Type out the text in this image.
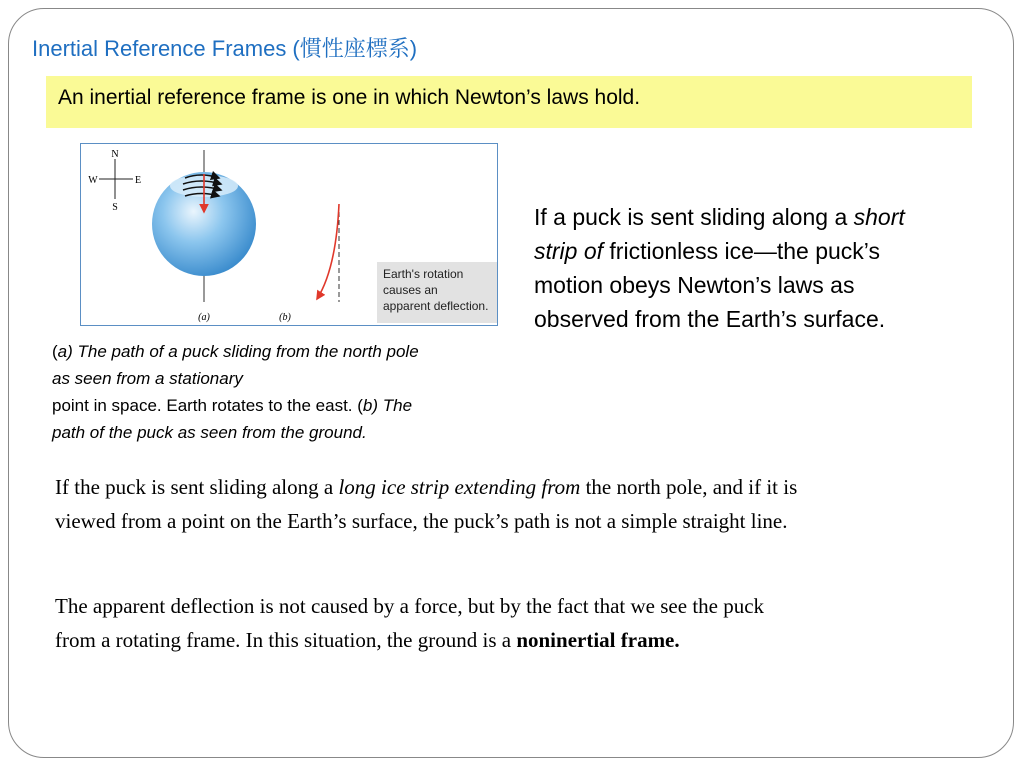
Inertial Reference Frames (慣性座標系)
An inertial reference frame is one in which Newton’s laws hold.
N
S
W	E
(a)	(b)
Earth's rotation
causes an
apparent deflection.
(a) The path of a puck sliding from the north pole
as seen from a stationary
point in space. Earth rotates to the east. (b) The
path of the puck as seen from the ground.
If a puck is sent sliding along a short
strip of frictionless ice—the puck’s
motion obeys Newton’s laws as
observed from the Earth’s surface.
If the puck is sent sliding along a long ice strip extending from the north pole, and if it is
viewed from a point on the Earth’s surface, the puck’s path is not a simple straight line.
The apparent deflection is not caused by a force, but by the fact that we see the puck
from a rotating frame. In this situation, the ground is a noninertial frame.
